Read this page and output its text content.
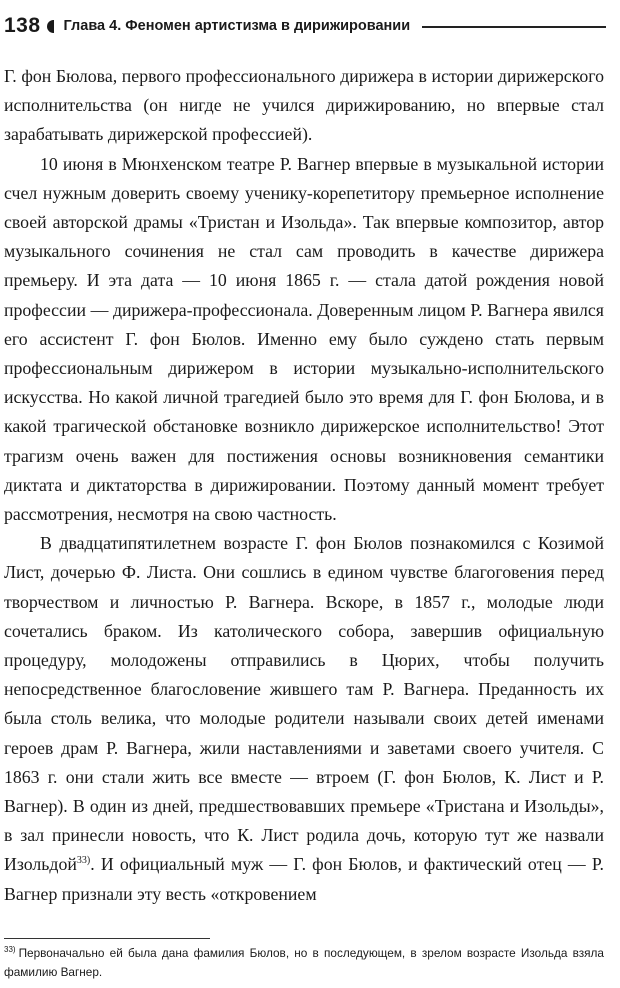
138 Глава 4. Феномен артистизма в дирижировании

Г. фон Бюлова, первого профессионального дирижера в истории дирижерского исполнительства (он нигде не учился дирижированию, но впервые стал зарабатывать дирижерской профессией).

10 июня в Мюнхенском театре Р. Вагнер впервые в музыкальной истории счел нужным доверить своему ученику-корепетитору премьерное исполнение своей авторской драмы «Тристан и Изольда». Так впервые композитор, автор музыкального сочинения не стал сам проводить в качестве дирижера премьеру. И эта дата — 10 июня 1865 г. — стала датой рождения новой профессии — дирижера-профессионала. Доверенным лицом Р. Вагнера явился его ассистент Г. фон Бюлов. Именно ему было суждено стать первым профессиональным дирижером в истории музыкально-исполнительского искусства. Но какой личной трагедией было это время для Г. фон Бюлова, и в какой трагической обстановке возникло дирижерское исполнительство! Этот трагизм очень важен для постижения основы возникновения семантики диктата и диктаторства в дирижировании. Поэтому данный момент требует рассмотрения, несмотря на свою частность.

В двадцатипятилетнем возрасте Г. фон Бюлов познакомился с Козимой Лист, дочерью Ф. Листа. Они сошлись в едином чувстве благоговения перед творчеством и личностью Р. Вагнера. Вскоре, в 1857 г., молодые люди сочетались браком. Из католического собора, завершив официальную процедуру, молодожены отправились в Цюрих, чтобы получить непосредственное благословение жившего там Р. Вагнера. Преданность их была столь велика, что молодые родители называли своих детей именами героев драм Р. Вагнера, жили наставлениями и заветами своего учителя. С 1863 г. они стали жить все вместе — втроем (Г. фон Бюлов, К. Лист и Р. Вагнер). В один из дней, предшествовавших премьере «Тристана и Изольды», в зал принесли новость, что К. Лист родила дочь, которую тут же назвали Изольдой$^{33)}$. И официальный муж — Г. фон Бюлов, и фактический отец — Р. Вагнер признали эту весть «откровением

$^{33)}$ Первоначально ей была дана фамилия Бюлов, но в последующем, в зрелом возрасте Изольда взяла фамилию Вагнер.
